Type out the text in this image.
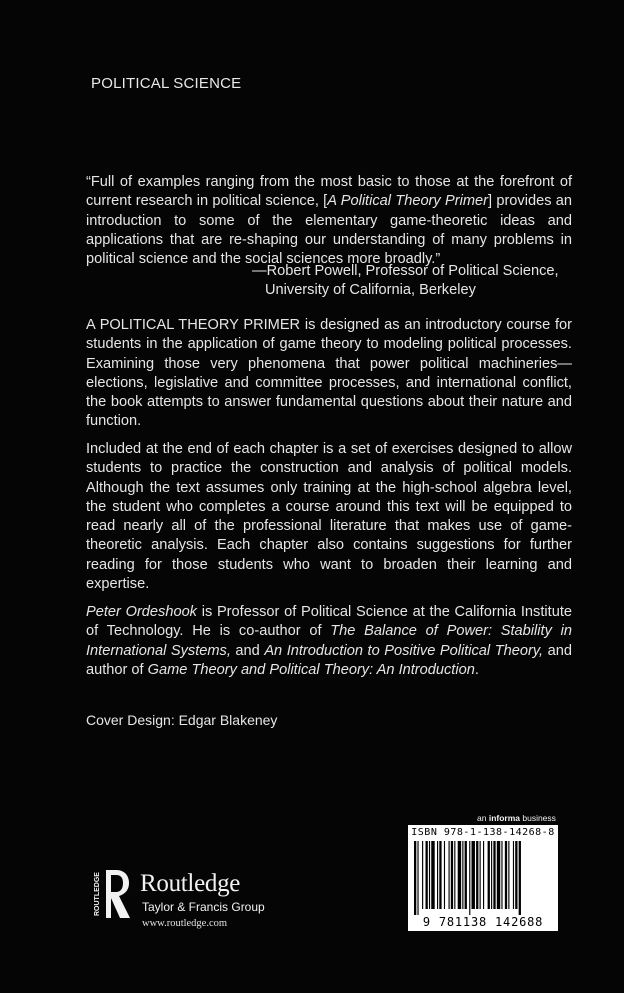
POLITICAL SCIENCE
“Full of examples ranging from the most basic to those at the forefront of current research in political science, [A Political Theory Primer] provides an introduction to some of the elementary game-theoretic ideas and applications that are re-shaping our understanding of many problems in political science and the social sciences more broadly.”
—Robert Powell, Professor of Political Science,
University of California, Berkeley
A POLITICAL THEORY PRIMER is designed as an introductory course for students in the application of game theory to modeling political processes. Examining those very phenomena that power political machineries—elections, legislative and committee processes, and international conflict, the book attempts to answer fundamental questions about their nature and function.
Included at the end of each chapter is a set of exercises designed to allow students to practice the construction and analysis of political models. Although the text assumes only training at the high-school algebra level, the student who completes a course around this text will be equipped to read nearly all of the professional literature that makes use of game-theoretic analysis. Each chapter also contains suggestions for further reading for those students who want to broaden their learning and expertise.
Peter Ordeshook is Professor of Political Science at the California Institute of Technology. He is co-author of The Balance of Power: Stability in International Systems, and An Introduction to Positive Political Theory, and author of Game Theory and Political Theory: An Introduction.
Cover Design: Edgar Blakeney
ROUTLEDGE Routledge
Taylor & Francis Group
www.routledge.com
an informa business
ISBN 978-1-138-14268-8
9 781138 142688
